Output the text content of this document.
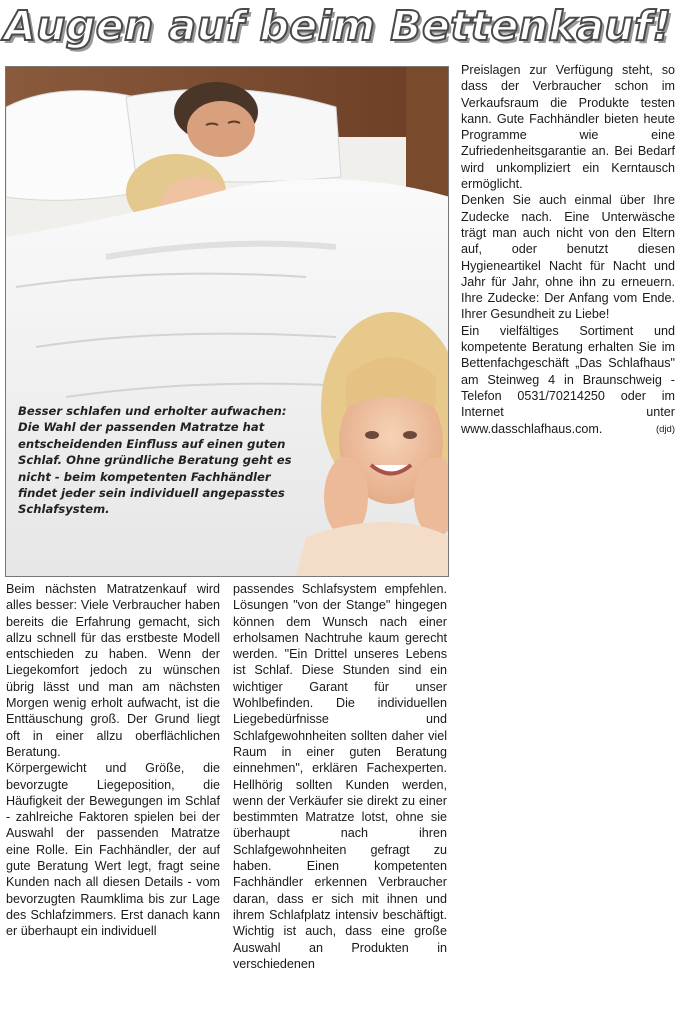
Augen auf beim Bettenkauf!
Besser schlafen und erholter aufwachen: Die Wahl der passenden Matratze hat entscheidenden Einfluss auf einen guten Schlaf. Ohne gründliche Beratung geht es nicht - beim kompetenten Fachhändler findet jeder sein individuell angepasstes Schlafsystem.

Preislagen zur Verfügung steht, so dass der Verbraucher schon im Verkaufsraum die Produkte testen kann. Gute Fachhändler bieten heute Programme wie eine Zufriedenheitsgarantie an. Bei Bedarf wird unkompliziert ein Kerntausch ermöglicht.

Denken Sie auch einmal über Ihre Zudecke nach. Eine Unterwäsche trägt man auch nicht von den Eltern auf, oder benutzt diesen Hygieneartikel Nacht für Nacht und Jahr für Jahr, ohne ihn zu erneuern. Ihre Zudecke: Der Anfang vom Ende. Ihrer Gesundheit zu Liebe!

Ein vielfältiges Sortiment und kompetente Beratung erhalten Sie im Bettenfachgeschäft „Das Schlafhaus" am Steinweg 4 in Braunschweig - Telefon 0531/70214250 oder im Internet unter www.dasschlafhaus.com.	(djd)

Beim nächsten Matratzenkauf wird alles besser: Viele Verbraucher haben bereits die Erfahrung gemacht, sich allzu schnell für das erstbeste Modell entschieden zu haben. Wenn der Liegekomfort jedoch zu wünschen übrig lässt und man am nächsten Morgen wenig erholt aufwacht, ist die Enttäuschung groß. Der Grund liegt oft in einer allzu oberflächlichen Beratung.

Körpergewicht und Größe, die bevorzugte Liegeposition, die Häufigkeit der Bewegungen im Schlaf - zahlreiche Faktoren spielen bei der Auswahl der passenden Matratze eine Rolle. Ein Fachhändler, der auf gute Beratung Wert legt, fragt seine Kunden nach all diesen Details - vom bevorzugten Raumklima bis zur Lage des Schlafzimmers. Erst danach kann er überhaupt ein individuell

passendes Schlafsystem empfehlen. Lösungen "von der Stange" hingegen können dem Wunsch nach einer erholsamen Nachtruhe kaum gerecht werden. "Ein Drittel unseres Lebens ist Schlaf. Diese Stunden sind ein wichtiger Garant für unser Wohlbefinden. Die individuellen Liegebedürfnisse und Schlafgewohnheiten sollten daher viel Raum in einer guten Beratung einnehmen", erklären Fachexperten. Hellhörig sollten Kunden werden, wenn der Verkäufer sie direkt zu einer bestimmten Matratze lotst, ohne sie überhaupt nach ihren Schlafgewohnheiten gefragt zu haben. Einen kompetenten Fachhändler erkennen Verbraucher daran, dass er sich mit ihnen und ihrem Schlafplatz intensiv beschäftigt. Wichtig ist auch, dass eine große Auswahl an Produkten in verschiedenen
